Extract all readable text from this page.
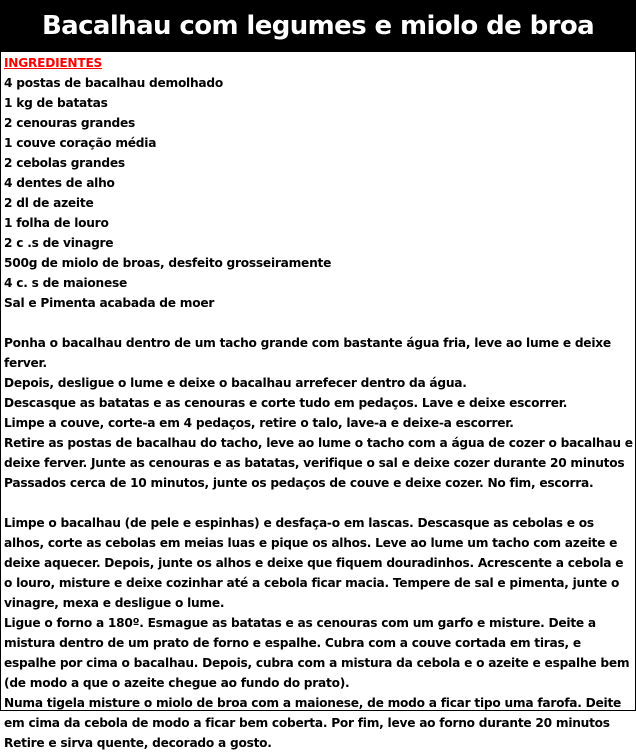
Bacalhau com legumes e miolo de broa
INGREDIENTES
4 postas de bacalhau demolhado
1 kg de batatas
2 cenouras grandes
1 couve coração média
2 cebolas grandes
4 dentes de alho
2 dl de azeite
1 folha de louro
2 c .s de vinagre
500g de miolo de broas, desfeito grosseiramente
4 c. s de maionese
Sal e Pimenta acabada de moer

Ponha o bacalhau dentro de um tacho grande com bastante água fria, leve ao lume e deixe ferver.

Depois, desligue o lume e deixe o bacalhau arrefecer dentro da água.

Descasque as batatas e as cenouras e corte tudo em pedaços. Lave e deixe escorrer.

Limpe a couve, corte-a em 4 pedaços, retire o talo, lave-a e deixe-a escorrer.

Retire as postas de bacalhau do tacho, leve ao lume o tacho com a água de cozer o bacalhau e deixe ferver. Junte as cenouras e as batatas, verifique o sal e deixe cozer durante 20 minutos

Passados cerca de 10 minutos, junte os pedaços de couve e deixe cozer. No fim, escorra.

Limpe o bacalhau (de pele e espinhas) e desfaça-o em lascas. Descasque as cebolas e os alhos, corte as cebolas em meias luas e pique os alhos. Leve ao lume um tacho com azeite e deixe aquecer. Depois, junte os alhos e deixe que fiquem douradinhos. Acrescente a cebola e o louro, misture e deixe cozinhar até a cebola ficar macia. Tempere de sal e pimenta, junte o vinagre, mexa e desligue o lume.

Ligue o forno a 180º. Esmague as batatas e as cenouras com um garfo e misture. Deite a mistura dentro de um prato de forno e espalhe. Cubra com a couve cortada em tiras, e espalhe por cima o bacalhau. Depois, cubra com a mistura da cebola e o azeite e espalhe bem (de modo a que o azeite chegue ao fundo do prato).

Numa tigela misture o miolo de broa com a maionese, de modo a ficar tipo uma farofa. Deite em cima da cebola de modo a ficar bem coberta. Por fim, leve ao forno durante 20 minutos

Retire e sirva quente, decorado a gosto.
